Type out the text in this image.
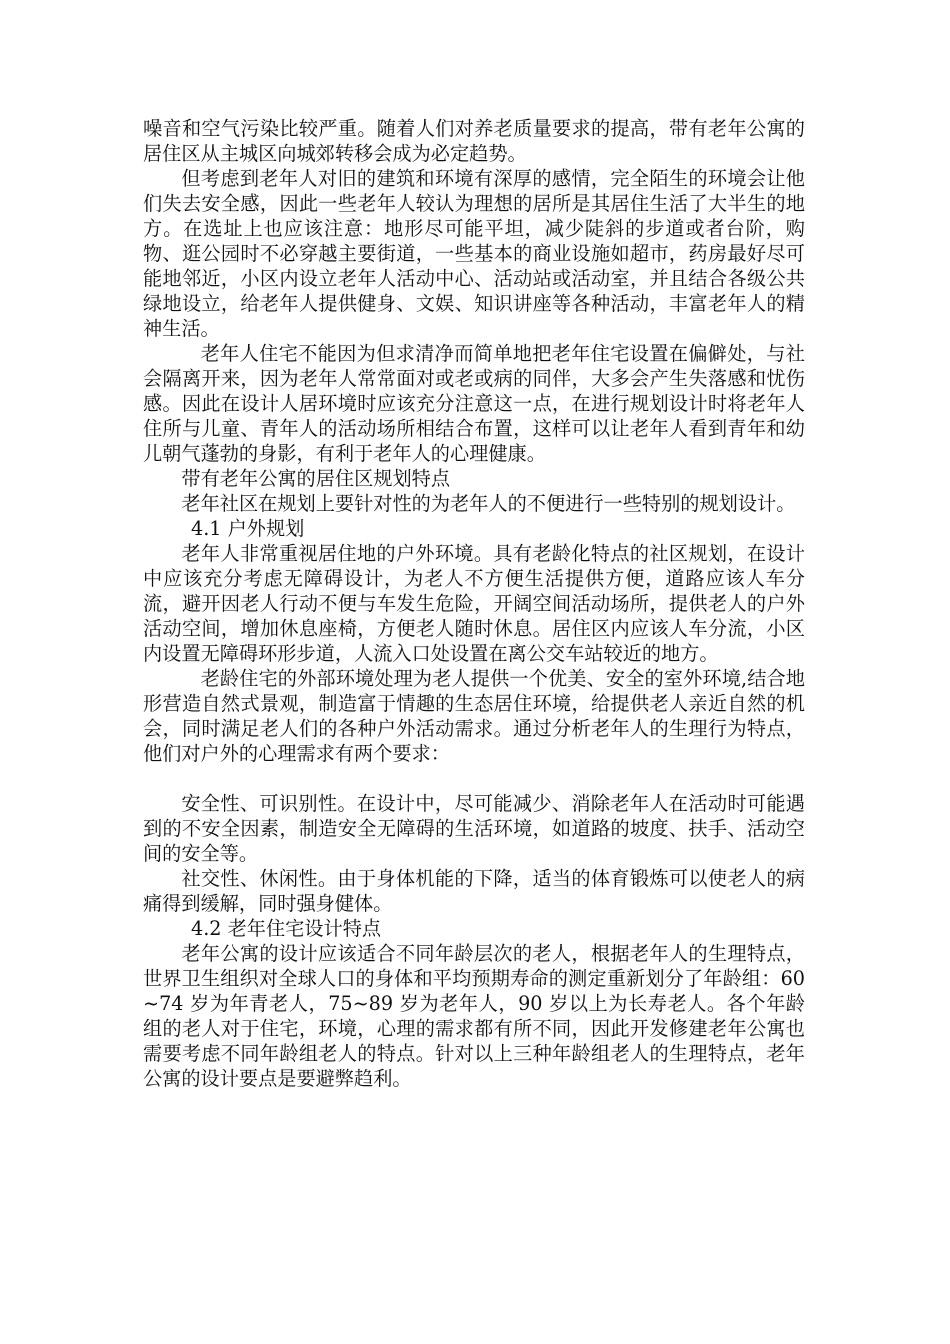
噪音和空气污染比较严重。随着人们对养老质量要求的提高，带有老年公寓的居住区从主城区向城郊转移会成为必定趋势。

但考虑到老年人对旧的建筑和环境有深厚的感情，完全陌生的环境会让他们失去安全感，因此一些老年人较认为理想的居所是其居住生活了大半生的地方。在选址上也应该注意：地形尽可能平坦，减少陡斜的步道或者台阶，购物、逛公园时不必穿越主要街道，一些基本的商业设施如超市，药房最好尽可能地邻近，小区内设立老年人活动中心、活动站或活动室，并且结合各级公共绿地设立，给老年人提供健身、文娱、知识讲座等各种活动，丰富老年人的精神生活。

老年人住宅不能因为但求清净而简单地把老年住宅设置在偏僻处，与社会隔离开来，因为老年人常常面对或老或病的同伴，大多会产生失落感和忧伤感。因此在设计人居环境时应该充分注意这一点，在进行规划设计时将老年人住所与儿童、青年人的活动场所相结合布置，这样可以让老年人看到青年和幼儿朝气蓬勃的身影，有利于老年人的心理健康。

带有老年公寓的居住区规划特点

老年社区在规划上要针对性的为老年人的不便进行一些特别的规划设计。

4.1 户外规划

老年人非常重视居住地的户外环境。具有老龄化特点的社区规划，在设计中应该充分考虑无障碍设计，为老人不方便生活提供方便，道路应该人车分流，避开因老人行动不便与车发生危险，开阔空间活动场所，提供老人的户外活动空间，增加休息座椅，方便老人随时休息。居住区内应该人车分流，小区内设置无障碍环形步道，人流入口处设置在离公交车站较近的地方。

老龄住宅的外部环境处理为老人提供一个优美、安全的室外环境,结合地形营造自然式景观，制造富于情趣的生态居住环境，给提供老人亲近自然的机会，同时满足老人们的各种户外活动需求。通过分析老年人的生理行为特点，他们对户外的心理需求有两个要求：

安全性、可识别性。在设计中，尽可能减少、消除老年人在活动时可能遇到的不安全因素，制造安全无障碍的生活环境，如道路的坡度、扶手、活动空间的安全等。

社交性、休闲性。由于身体机能的下降，适当的体育锻炼可以使老人的病痛得到缓解，同时强身健体。

4.2 老年住宅设计特点

老年公寓的设计应该适合不同年龄层次的老人，根据老年人的生理特点，世界卫生组织对全球人口的身体和平均预期寿命的测定重新划分了年龄组：60~74 岁为年青老人，75~89 岁为老年人，90 岁以上为长寿老人。各个年龄组的老人对于住宅，环境，心理的需求都有所不同，因此开发修建老年公寓也需要考虑不同年龄组老人的特点。针对以上三种年龄组老人的生理特点，老年公寓的设计要点是要避弊趋利。
